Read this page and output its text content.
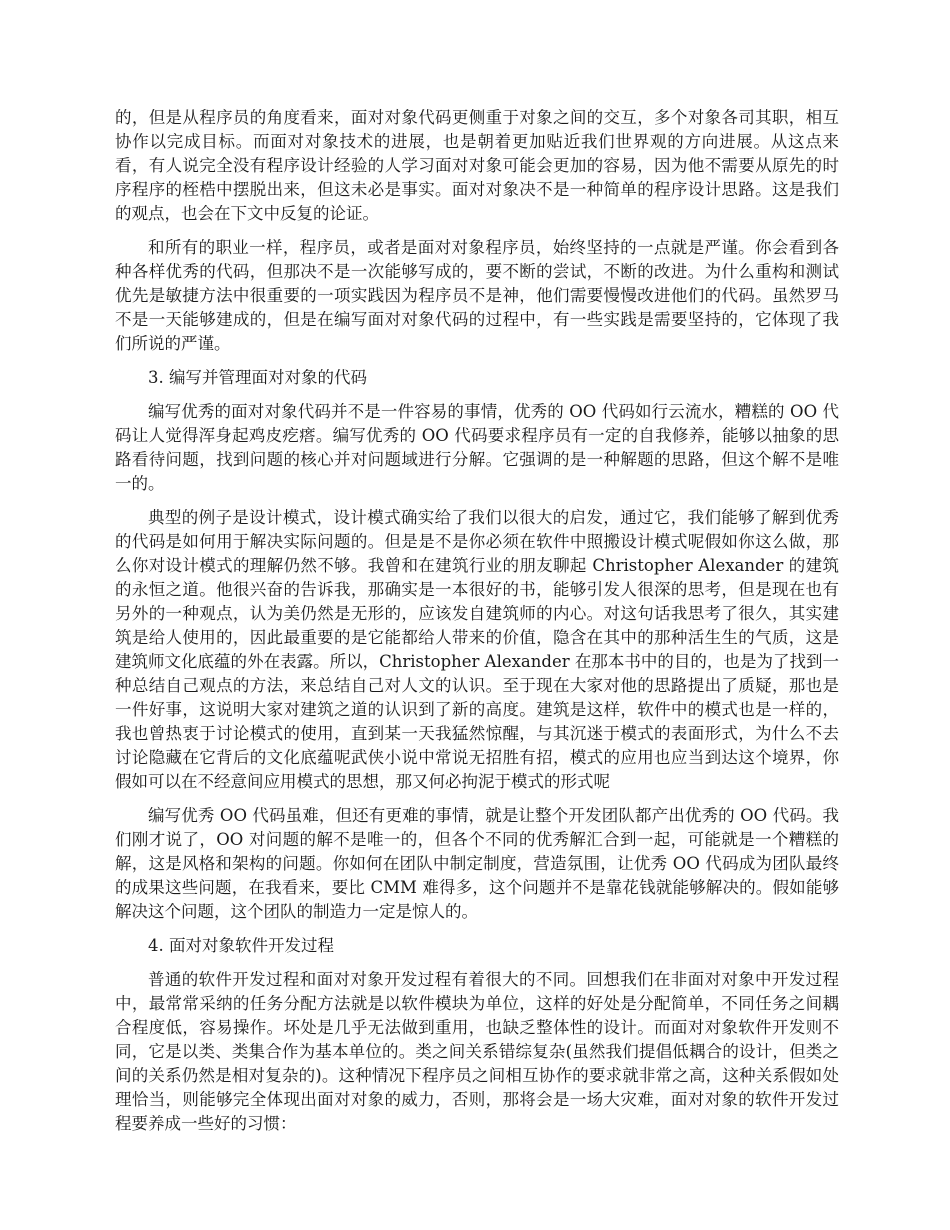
的，但是从程序员的角度看来，面对对象代码更侧重于对象之间的交互，多个对象各司其职，相互协作以完成目标。而面对对象技术的进展，也是朝着更加贴近我们世界观的方向进展。从这点来看，有人说完全没有程序设计经验的人学习面对对象可能会更加的容易，因为他不需要从原先的时序程序的桎梏中摆脱出来，但这未必是事实。面对对象决不是一种简单的程序设计思路。这是我们的观点，也会在下文中反复的论证。

和所有的职业一样，程序员，或者是面对对象程序员，始终坚持的一点就是严谨。你会看到各种各样优秀的代码，但那决不是一次能够写成的，要不断的尝试，不断的改进。为什么重构和测试优先是敏捷方法中很重要的一项实践因为程序员不是神，他们需要慢慢改进他们的代码。虽然罗马不是一天能够建成的，但是在编写面对对象代码的过程中，有一些实践是需要坚持的，它体现了我们所说的严谨。

3. 编写并管理面对对象的代码

编写优秀的面对对象代码并不是一件容易的事情，优秀的 OO 代码如行云流水，糟糕的 OO 代码让人觉得浑身起鸡皮疙瘩。编写优秀的 OO 代码要求程序员有一定的自我修养，能够以抽象的思路看待问题，找到问题的核心并对问题域进行分解。它强调的是一种解题的思路，但这个解不是唯一的。

典型的例子是设计模式，设计模式确实给了我们以很大的启发，通过它，我们能够了解到优秀的代码是如何用于解决实际问题的。但是是不是你必须在软件中照搬设计模式呢假如你这么做，那么你对设计模式的理解仍然不够。我曾和在建筑行业的朋友聊起 Christopher Alexander 的建筑的永恒之道。他很兴奋的告诉我，那确实是一本很好的书，能够引发人很深的思考，但是现在也有另外的一种观点，认为美仍然是无形的，应该发自建筑师的内心。对这句话我思考了很久，其实建筑是给人使用的，因此最重要的是它能都给人带来的价值，隐含在其中的那种活生生的气质，这是建筑师文化底蕴的外在表露。所以，Christopher Alexander 在那本书中的目的，也是为了找到一种总结自己观点的方法，来总结自己对人文的认识。至于现在大家对他的思路提出了质疑，那也是一件好事，这说明大家对建筑之道的认识到了新的高度。建筑是这样，软件中的模式也是一样的，我也曾热衷于讨论模式的使用，直到某一天我猛然惊醒，与其沉迷于模式的表面形式，为什么不去讨论隐藏在它背后的文化底蕴呢武侠小说中常说无招胜有招，模式的应用也应当到达这个境界，你假如可以在不经意间应用模式的思想，那又何必拘泥于模式的形式呢

编写优秀 OO 代码虽难，但还有更难的事情，就是让整个开发团队都产出优秀的 OO 代码。我们刚才说了，OO 对问题的解不是唯一的，但各个不同的优秀解汇合到一起，可能就是一个糟糕的解，这是风格和架构的问题。你如何在团队中制定制度，营造氛围，让优秀 OO 代码成为团队最终的成果这些问题，在我看来，要比 CMM 难得多，这个问题并不是靠花钱就能够解决的。假如能够解决这个问题，这个团队的制造力一定是惊人的。

4. 面对对象软件开发过程

普通的软件开发过程和面对对象开发过程有着很大的不同。回想我们在非面对对象中开发过程中，最常常采纳的任务分配方法就是以软件模块为单位，这样的好处是分配简单，不同任务之间耦合程度低，容易操作。坏处是几乎无法做到重用，也缺乏整体性的设计。而面对对象软件开发则不同，它是以类、类集合作为基本单位的。类之间关系错综复杂(虽然我们提倡低耦合的设计，但类之间的关系仍然是相对复杂的)。这种情况下程序员之间相互协作的要求就非常之高，这种关系假如处理恰当，则能够完全体现出面对对象的威力，否则，那将会是一场大灾难，面对对象的软件开发过程要养成一些好的习惯：
